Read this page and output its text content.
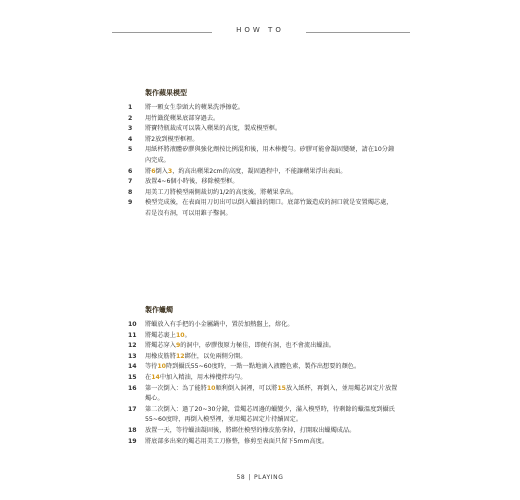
HOW TO
製作蘋果模型
1	將一顆女生拳頭大的蘋果洗淨擦乾。
2	用竹籤從蘋果底部穿過去。
3	將寶特瓶裁成可以裝入蘋果的高度，製成模型框。
4	將2放到模型框裡。
5	用紙杯將液體矽膠與強化劑按比例混和後，用木棒攪勻。矽膠可能會凝固變硬，請在10分鐘內完成。
6	將6倒入3，約高出蘋果2cm的高度，凝固過程中，不能讓蘋果浮出表面。
7	放置4~6個小時後，移除模型框。
8	用美工刀將模型兩側裁切約1/2的高度後，將蘋果拿出。
9	模型完成後，在表面用刀切出可以倒入蠟油的開口。底部竹籤造成的洞口就是安置燭芯處，若是沒有洞，可以用錐子鑿洞。
製作蠟燭
10	將蠟放入有手把的小金屬鍋中，置於加熱盤上，熔化。
11	將燭芯裹上10。
12	將燭芯穿入9的洞中，矽膠復原力極佳，即便有洞，也不會流出蠟油。
13	用橡皮筋將12綁住，以免兩側分開。
14	等待10降到攝氏55~60度時，一點一點地滴入液體色素，製作出想要的顏色。
15	在14中加入精油，用木棒攪拌均勻。
16	第一次倒入：為了能將10順利倒入洞裡，可以將15放入紙杯，再倒入，並用燭芯固定片放置燭心。
17	第二次倒入：過了20~30分鐘，當燭芯周邊的蠟變少，滿入模型時，待剩餘的蠟溫度到攝氏55~60度時，再倒入模型裡，並用燭芯固定片持續固定。
18	放置一天，等待蠟油凝固後，將綁住模型的橡皮筋拿掉，打開取出蠟燭成品。
19	將底部多出來的燭芯用美工刀修整，修剪至表面只留下5mm高度。
58 | PLAYING
